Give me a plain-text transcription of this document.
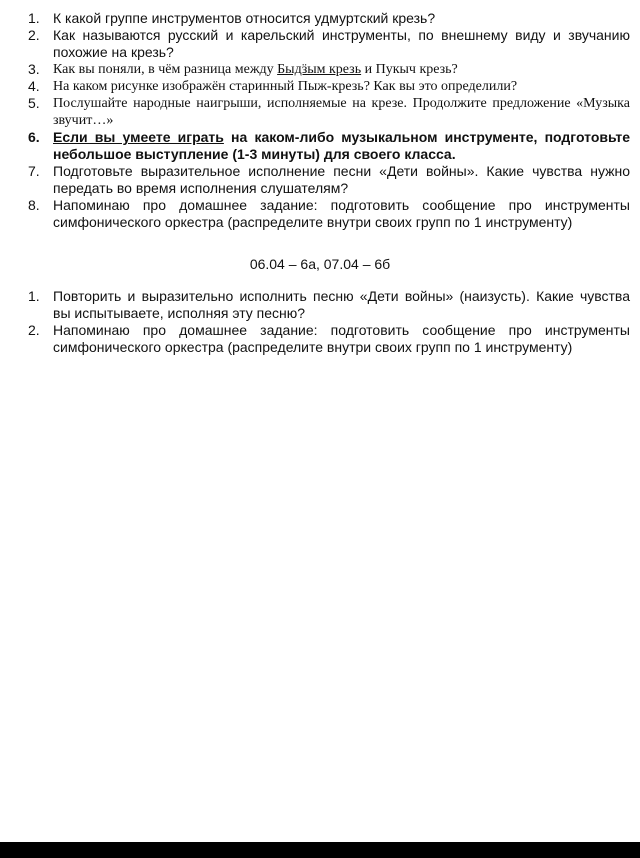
1. К какой группе инструментов относится удмуртский крезь?
2. Как называются русский и карельский инструменты, по внешнему виду и звучанию похожие на крезь?
3. Как вы поняли, в чём разница между Быдӟым крезь и Пукыч крезь?
4. На каком рисунке изображён старинный Пыж-крезь? Как вы это определили?
5. Послушайте народные наигрыши, исполняемые на крезе. Продолжите предложение «Музыка звучит…»
6. Если вы умеете играть на каком-либо музыкальном инструменте, подготовьте небольшое выступление (1-3 минуты) для своего класса.
7. Подготовьте выразительное исполнение песни «Дети войны». Какие чувства нужно передать во время исполнения слушателям?
8. Напоминаю про домашнее задание: подготовить сообщение про инструменты симфонического оркестра (распределите внутри своих групп по 1 инструменту)
06.04 – 6а, 07.04 – 6б
1. Повторить и выразительно исполнить песню «Дети войны» (наизусть). Какие чувства вы испытываете, исполняя эту песню?
2. Напоминаю про домашнее задание: подготовить сообщение про инструменты симфонического оркестра (распределите внутри своих групп по 1 инструменту)
